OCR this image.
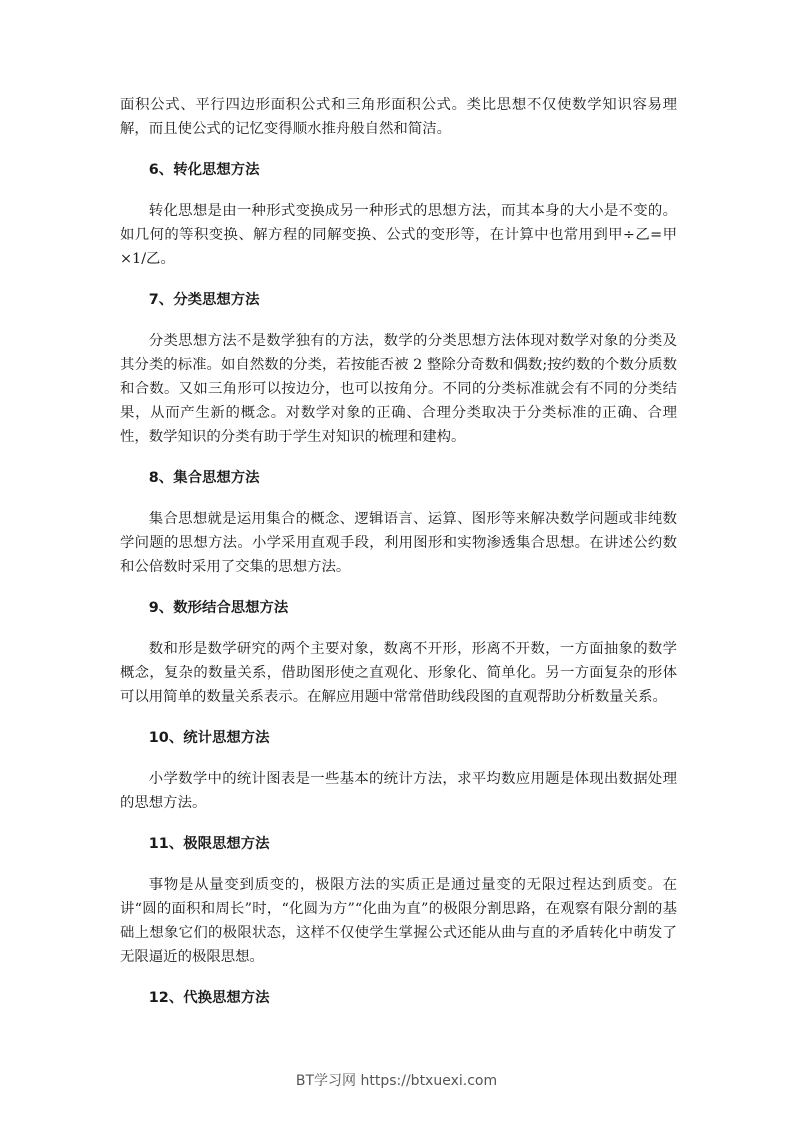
面积公式、平行四边形面积公式和三角形面积公式。类比思想不仅使数学知识容易理解，而且使公式的记忆变得顺水推舟般自然和简洁。

6、转化思想方法

转化思想是由一种形式变换成另一种形式的思想方法，而其本身的大小是不变的。如几何的等积变换、解方程的同解变换、公式的变形等，在计算中也常用到甲÷乙=甲×1/乙。

7、分类思想方法

分类思想方法不是数学独有的方法，数学的分类思想方法体现对数学对象的分类及其分类的标准。如自然数的分类，若按能否被 2 整除分奇数和偶数;按约数的个数分质数和合数。又如三角形可以按边分，也可以按角分。不同的分类标准就会有不同的分类结果，从而产生新的概念。对数学对象的正确、合理分类取决于分类标准的正确、合理性，数学知识的分类有助于学生对知识的梳理和建构。

8、集合思想方法

集合思想就是运用集合的概念、逻辑语言、运算、图形等来解决数学问题或非纯数学问题的思想方法。小学采用直观手段，利用图形和实物渗透集合思想。在讲述公约数和公倍数时采用了交集的思想方法。

9、数形结合思想方法

数和形是数学研究的两个主要对象，数离不开形，形离不开数，一方面抽象的数学概念，复杂的数量关系，借助图形使之直观化、形象化、简单化。另一方面复杂的形体可以用简单的数量关系表示。在解应用题中常常借助线段图的直观帮助分析数量关系。

10、统计思想方法

小学数学中的统计图表是一些基本的统计方法，求平均数应用题是体现出数据处理的思想方法。

11、极限思想方法

事物是从量变到质变的，极限方法的实质正是通过量变的无限过程达到质变。在讲“圆的面积和周长”时，“化圆为方”“化曲为直”的极限分割思路，在观察有限分割的基础上想象它们的极限状态，这样不仅使学生掌握公式还能从曲与直的矛盾转化中萌发了无限逼近的极限思想。

12、代换思想方法
BT学习网 https://btxuexi.com
